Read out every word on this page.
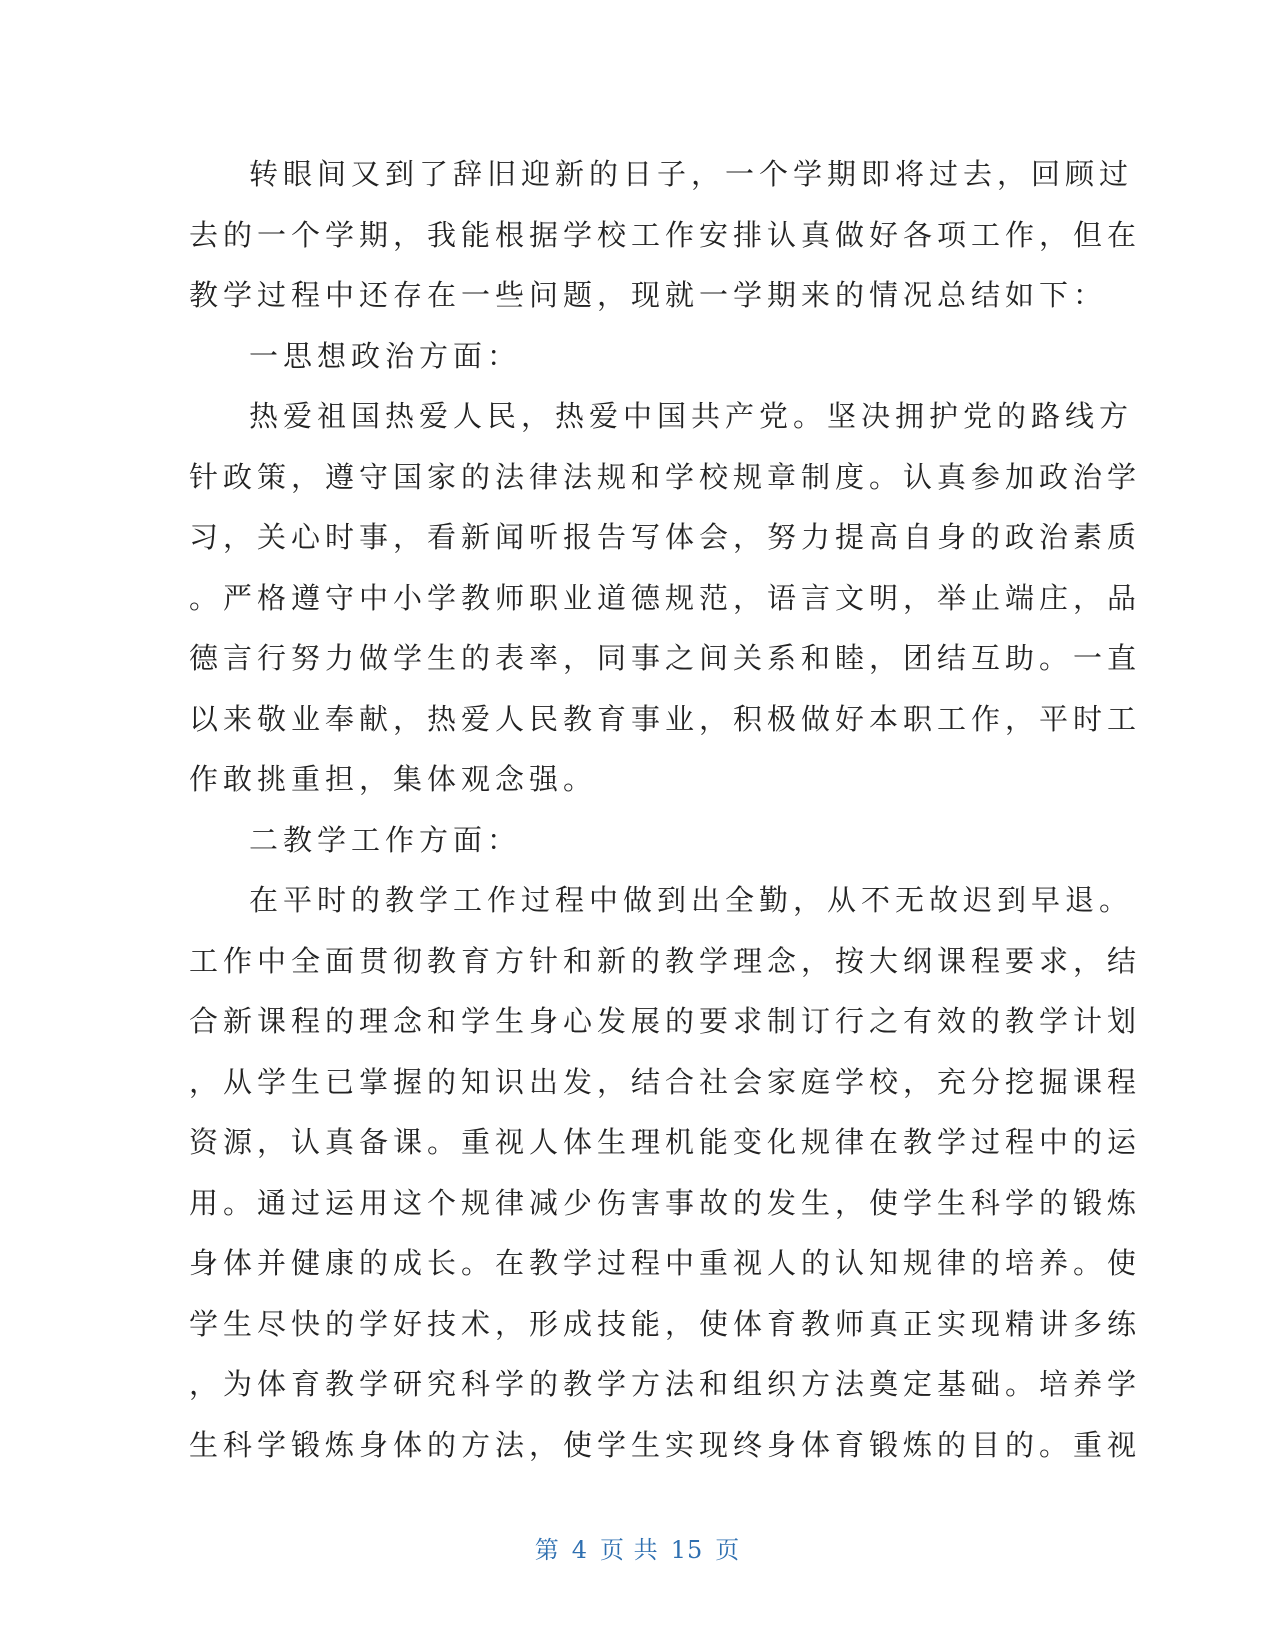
转眼间又到了辞旧迎新的日子，一个学期即将过去，回顾过
去的一个学期，我能根据学校工作安排认真做好各项工作，但在
教学过程中还存在一些问题，现就一学期来的情况总结如下：
一思想政治方面：
热爱祖国热爱人民，热爱中国共产党。坚决拥护党的路线方
针政策，遵守国家的法律法规和学校规章制度。认真参加政治学
习，关心时事，看新闻听报告写体会，努力提高自身的政治素质
。严格遵守中小学教师职业道德规范，语言文明，举止端庄，品
德言行努力做学生的表率，同事之间关系和睦，团结互助。一直
以来敬业奉献，热爱人民教育事业，积极做好本职工作，平时工
作敢挑重担，集体观念强。
二教学工作方面：
在平时的教学工作过程中做到出全勤，从不无故迟到早退。
工作中全面贯彻教育方针和新的教学理念，按大纲课程要求，结
合新课程的理念和学生身心发展的要求制订行之有效的教学计划
，从学生已掌握的知识出发，结合社会家庭学校，充分挖掘课程
资源，认真备课。重视人体生理机能变化规律在教学过程中的运
用。通过运用这个规律减少伤害事故的发生，使学生科学的锻炼
身体并健康的成长。在教学过程中重视人的认知规律的培养。使
学生尽快的学好技术，形成技能，使体育教师真正实现精讲多练
，为体育教学研究科学的教学方法和组织方法奠定基础。培养学
生科学锻炼身体的方法，使学生实现终身体育锻炼的目的。重视
第 4 页 共 15 页
